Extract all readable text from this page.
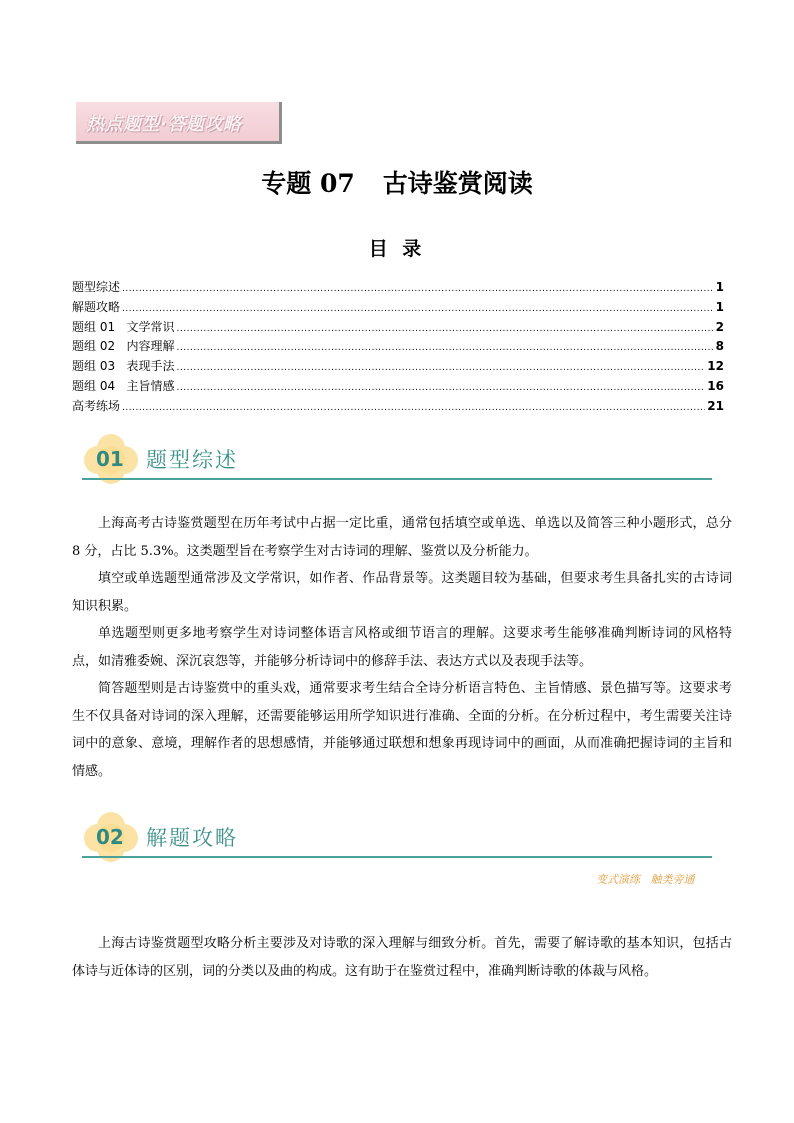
热点题型·答题攻略
专题 07 古诗鉴赏阅读
目 录
题型综述 .....	1
解题攻略 .....	1
题组 01   文学常识 .....	2
题组 02   内容理解 .....	8
题组 03   表现手法 .....	12
题组 04   主旨情感 .....	16
高考练场 .....	21
01 题型综述

上海高考古诗鉴赏题型在历年考试中占据一定比重，通常包括填空或单选、单选以及简答三种小题形式，总分 8 分，占比 5.3%。这类题型旨在考察学生对古诗词的理解、鉴赏以及分析能力。

填空或单选题型通常涉及文学常识，如作者、作品背景等。这类题目较为基础，但要求考生具备扎实的古诗词知识积累。

单选题型则更多地考察学生对诗词整体语言风格或细节语言的理解。这要求考生能够准确判断诗词的风格特点，如清雅委婉、深沉哀怨等，并能够分析诗词中的修辞手法、表达方式以及表现手法等。

简答题型则是古诗鉴赏中的重头戏，通常要求考生结合全诗分析语言特色、主旨情感、景色描写等。这要求考生不仅具备对诗词的深入理解，还需要能够运用所学知识进行准确、全面的分析。在分析过程中，考生需要关注诗词中的意象、意境，理解作者的思想感情，并能够通过联想和想象再现诗词中的画面，从而准确把握诗词的主旨和情感。

02 解题攻略
变式演练   触类旁通

上海古诗鉴赏题型攻略分析主要涉及对诗歌的深入理解与细致分析。首先，需要了解诗歌的基本知识，包括古体诗与近体诗的区别，词的分类以及曲的构成。这有助于在鉴赏过程中，准确判断诗歌的体裁与风格。
